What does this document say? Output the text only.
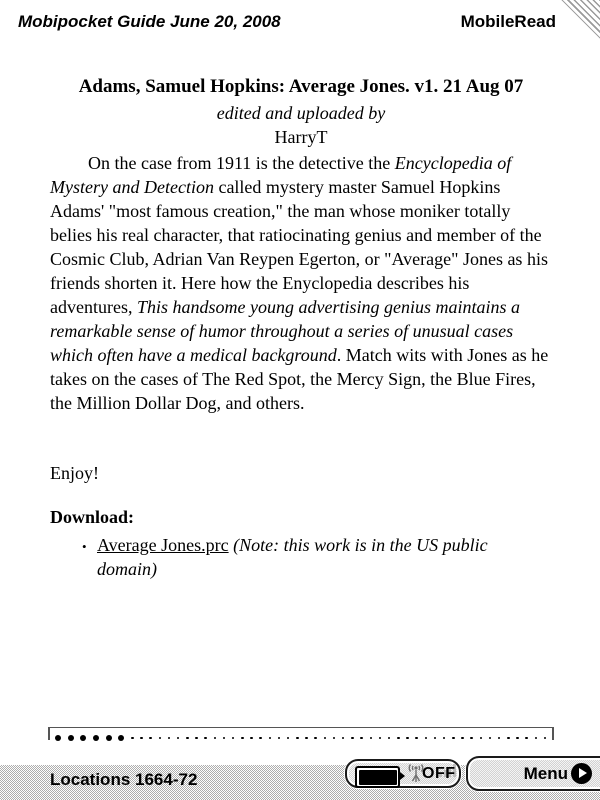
Mobipocket Guide June 20, 2008	MobileRead
Adams, Samuel Hopkins: Average Jones. v1. 21 Aug 07
edited and uploaded by
HarryT
On the case from 1911 is the detective the Encyclopedia of Mystery and Detection called mystery master Samuel Hopkins Adams' "most famous creation," the man whose moniker totally belies his real character, that ratiocinating genius and member of the Cosmic Club, Adrian Van Reypen Egerton, or "Average" Jones as his friends shorten it. Here how the Enyclopedia describes his adventures, This handsome young advertising genius maintains a remarkable sense of humor throughout a series of unusual cases which often have a medical background. Match wits with Jones as he takes on the cases of The Red Spot, the Mercy Sign, the Blue Fires, the Million Dollar Dog, and others.
Enjoy!
Download:
• Average Jones.prc (Note: this work is in the US public domain)
Locations 1664-72	OFF	Menu
